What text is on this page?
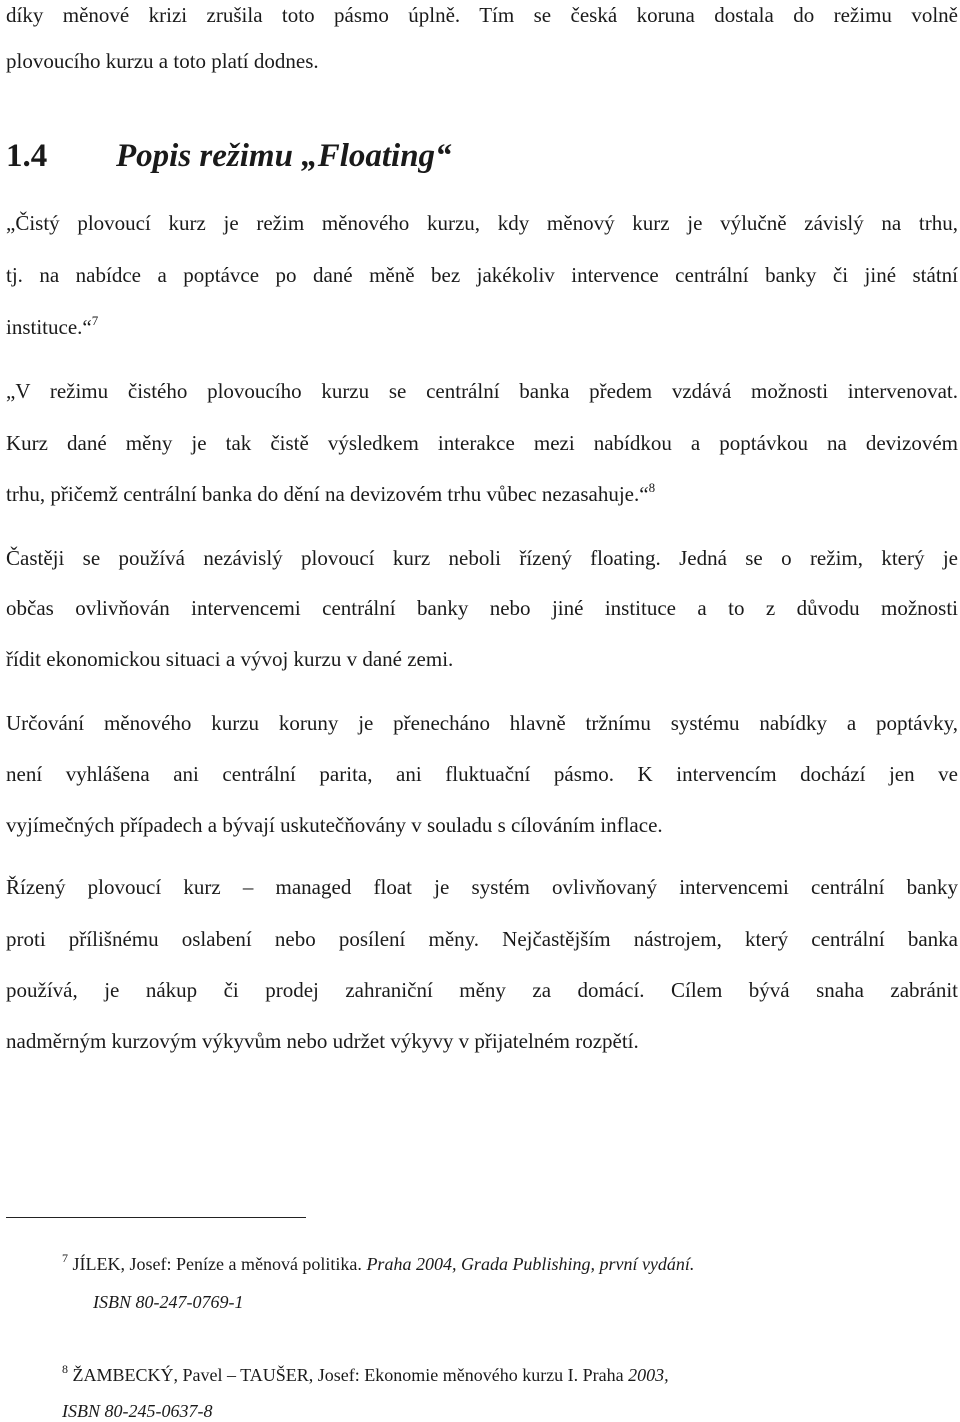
díky měnové krizi zrušila toto pásmo úplně. Tím se česká koruna dostala do režimu volně
plovoucího kurzu a toto platí dodnes.
1.4 Popis režimu „Floating“
„Čistý plovoucí kurz je režim měnového kurzu, kdy měnový kurz je výlučně závislý na trhu,
tj. na nabídce a poptávce po dané měně bez jakékoliv intervence centrální banky či jiné státní
instituce.“$^7$
„V režimu čistého plovoucího kurzu se centrální banka předem vzdává možnosti intervenovat.
Kurz dané měny je tak čistě výsledkem interakce mezi nabídkou a poptávkou na devizovém
trhu, přičemž centrální banka do dění na devizovém trhu vůbec nezasahuje.“$^8$
Častěji se používá nezávislý plovoucí kurz neboli řízený floating. Jedná se o režim, který je
občas ovlivňován intervencemi centrální banky nebo jiné instituce a to z důvodu možnosti
řídit ekonomickou situaci a vývoj kurzu v dané zemi.
Určování měnového kurzu koruny je přenecháno hlavně tržnímu systému nabídky a poptávky,
není vyhlášena ani centrální parita, ani fluktuační pásmo. K intervencím dochází jen ve
vyjímečných případech a bývají uskutečňovány v souladu s cílováním inflace.
Řízený plovoucí kurz – managed float je systém ovlivňovaný intervencemi centrální banky
proti přílišnému oslabení nebo posílení měny. Nejčastějším nástrojem, který centrální banka
používá, je nákup či prodej zahraniční měny za domácí. Cílem bývá snaha zabránit
nadměrným kurzovým výkyvům nebo udržet výkyvy v přijatelném rozpětí.
$^7$ JÍLEK, Josef: Peníze a měnová politika. Praha 2004, Grada Publishing, první vydání.
ISBN 80-247-0769-1
$^8$ ŽAMBECKÝ, Pavel – TAUŠER, Josef: Ekonomie měnového kurzu I. Praha 2003,
ISBN 80-245-0637-8
